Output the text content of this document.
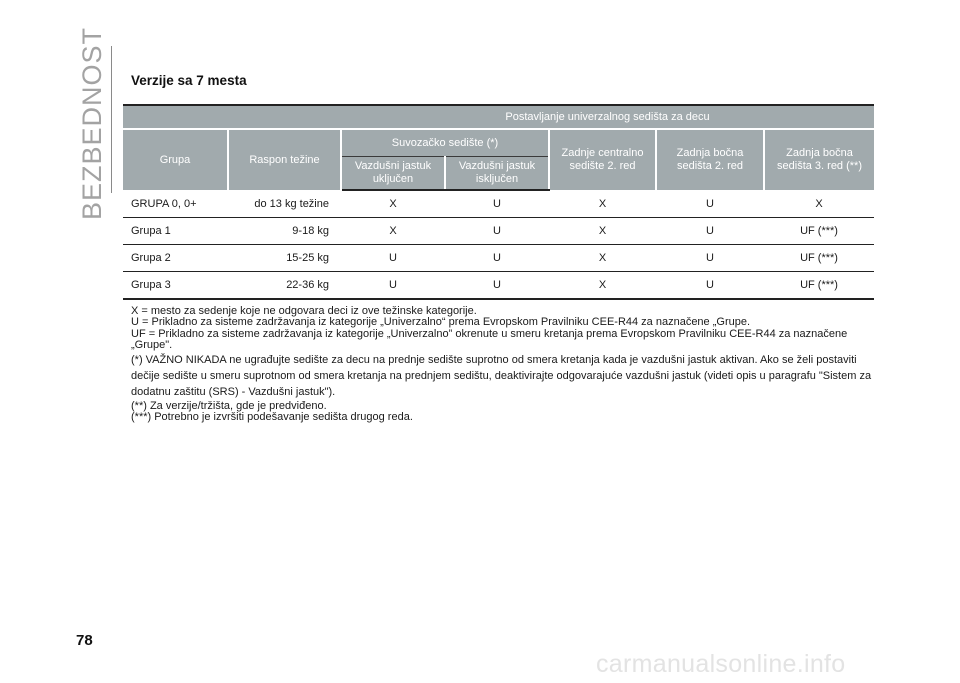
BEZBEDNOST Verzije sa 7 mesta
		Postavljanje univerzalnog sedišta za decu				
Grupa	Raspon težine	Suvozačko sedište (*)		Zadnje centralno sedište 2. red	Zadnja bočna sedišta 2. red	Zadnja bočna sedišta 3. red (**)
		Vazdušni jastuk uključen	Vazdušni jastuk isključen			
GRUPA 0, 0+	do 13 kg težine	X	U	X	U	X
Grupa 1	9-18 kg	X	U	X	U	UF (***)
Grupa 2	15-25 kg	U	U	X	U	UF (***)
Grupa 3	22-36 kg	U	U	X	U	UF (***)

X = mesto za sedenje koje ne odgovara deci iz ove težinske kategorije.

U = Prikladno za sisteme zadržavanja iz kategorije „Univerzalno“ prema Evropskom Pravilniku CEE-R44 za naznačene „Grupe.

UF = Prikladno za sisteme zadržavanja iz kategorije „Univerzalno” okrenute u smeru kretanja prema Evropskom Pravilniku CEE-R44 za naznačene „Grupe".

(*) VAŽNO NIKADA ne ugrađujte sedište za decu na prednje sedište suprotno od smera kretanja kada je vazdušni jastuk aktivan. Ako se želi postaviti dečije sedište u smeru suprotnom od smera kretanja na prednjem sedištu, deaktivirajte odgovarajuće vazdušni jastuk (videti opis u paragrafu "Sistem za dodatnu zaštitu (SRS) - Vazdušni jastuk").

(**) Za verzije/tržišta, gde je predviđeno.

(***) Potrebno je izvršiti podešavanje sedišta drugog reda.

78
carmanualsonline.info
